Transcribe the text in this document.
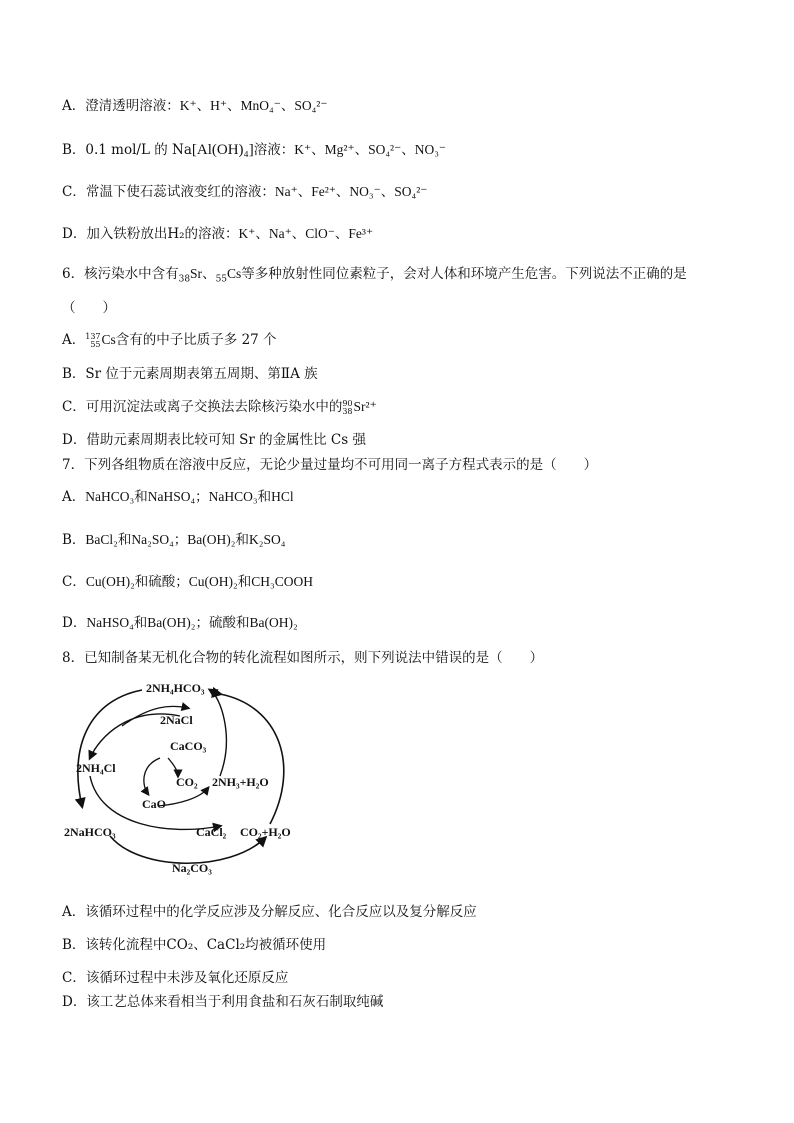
A．澄清透明溶液：K⁺、H⁺、MnO₄⁻、SO₄²⁻
B．0.1 mol/L 的 Na[Al(OH)₄]溶液：K⁺、Mg²⁺、SO₄²⁻、NO₃⁻
C．常温下使石蕊试液变红的溶液：Na⁺、Fe²⁺、NO₃⁻、SO₄²⁻
D．加入铁粉放出H₂的溶液：K⁺、Na⁺、ClO⁻、Fe³⁺
6．核污染水中含有$_{38}$Sr、$_{55}$Cs等多种放射性同位素粒子，会对人体和环境产生危害。下列说法不正确的是
（　　）
A． 137
55 Cs含有的中子比质子多 27 个
B．Sr 位于元素周期表第五周期、第ⅡA 族
C．可用沉淀法或离子交换法去除核污染水中的 90
38 Sr²⁺
D．借助元素周期表比较可知 Sr 的金属性比 Cs 强
7．下列各组物质在溶液中反应，无论少量过量均不可用同一离子方程式表示的是（　　）
A．NaHCO₃和NaHSO₄；NaHCO₃和HCl
B．BaCl₂和Na₂SO₄；Ba(OH)₂和K₂SO₄
C．Cu(OH)₂和硫酸；Cu(OH)₂和CH₃COOH
D．NaHSO₄和Ba(OH)₂；硫酸和Ba(OH)₂
8．已知制备某无机化合物的转化流程如图所示，则下列说法中错误的是（　　）
2NH₄HCO₃
2NaCl
CaCO₃
2NH₄Cl
CO₂ 2NH₃+H₂O
CaO
2NaHCO₃	CaCl₂ CO₂+H₂O
Na₂CO₃
A．该循环过程中的化学反应涉及分解反应、化合反应以及复分解反应
B．该转化流程中CO₂、CaCl₂均被循环使用
C．该循环过程中未涉及氧化还原反应
D．该工艺总体来看相当于利用食盐和石灰石制取纯碱
